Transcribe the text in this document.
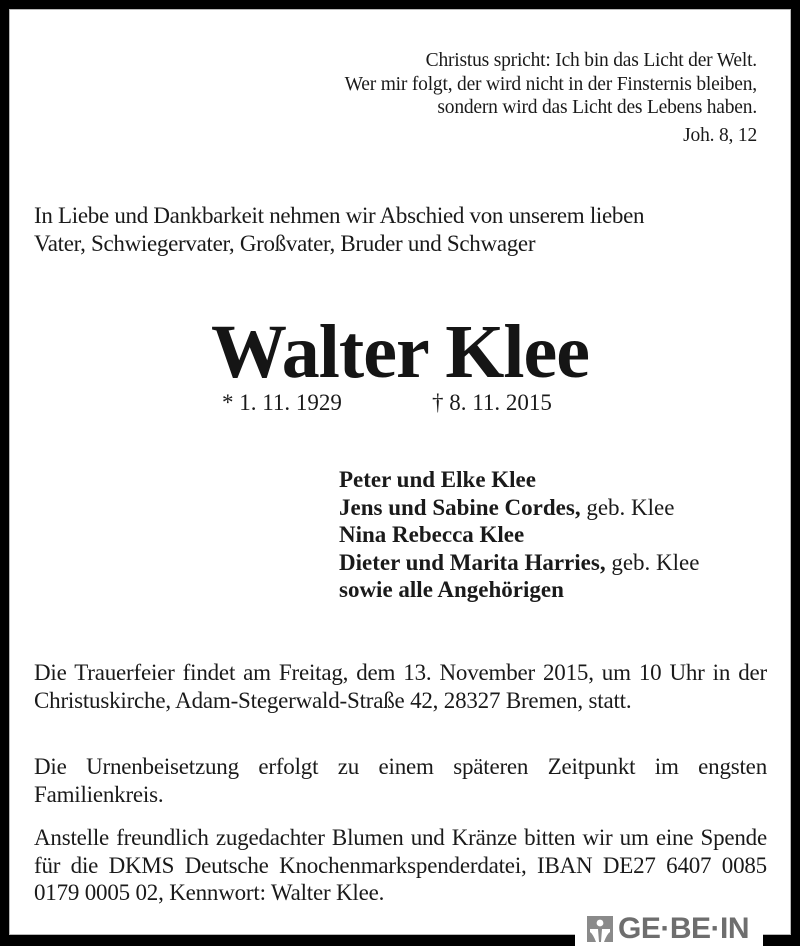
Christus spricht: Ich bin das Licht der Welt.
Wer mir folgt, der wird nicht in der Finsternis bleiben,
sondern wird das Licht des Lebens haben.
Joh. 8, 12
In Liebe und Dankbarkeit nehmen wir Abschied von unserem lieben
Vater, Schwiegervater, Großvater, Bruder und Schwager
Walter Klee
* 1. 11. 1929	† 8. 11. 2015
Peter und Elke Klee
Jens und Sabine Cordes, geb. Klee
Nina Rebecca Klee
Dieter und Marita Harries, geb. Klee
sowie alle Angehörigen
Die Trauerfeier findet am Freitag, dem 13. November 2015, um 10 Uhr in der Christuskirche, Adam-Stegerwald-Straße 42, 28327 Bremen, statt.
Die Urnenbeisetzung erfolgt zu einem späteren Zeitpunkt im engsten Familienkreis.
Anstelle freundlich zugedachter Blumen und Kränze bitten wir um eine Spende für die DKMS Deutsche Knochenmarkspenderdatei, IBAN DE27 6407 0085 0179 0005 02, Kennwort: Walter Klee.
GE·BE·IN
